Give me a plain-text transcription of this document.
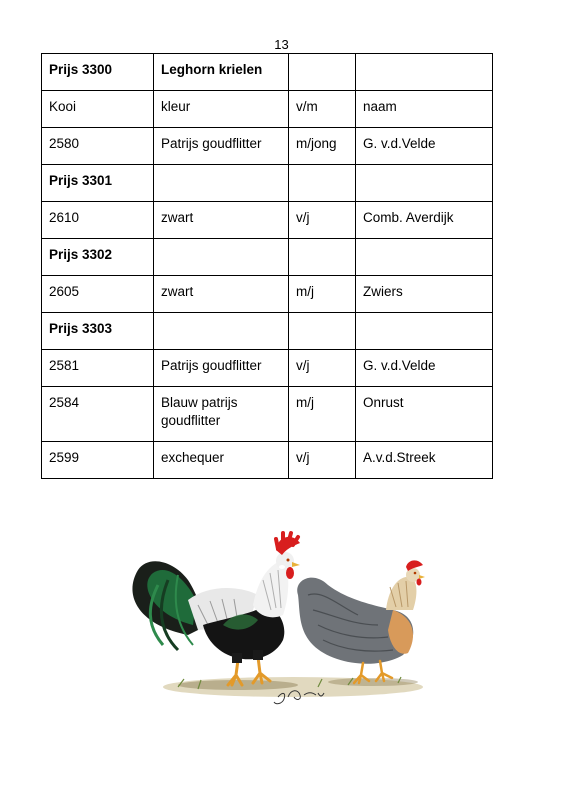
13
Prijs 3300	Leghorn krielen		
Kooi	kleur	v/m	naam
2580	Patrijs goudflitter	m/jong	G. v.d.Velde
Prijs 3301			
2610	zwart	v/j	Comb. Averdijk
Prijs 3302			
2605	zwart	m/j	Zwiers
Prijs 3303			
2581	Patrijs goudflitter	v/j	G. v.d.Velde
2584	Blauw patrijs goudflitter	m/j	Onrust
2599	exchequer	v/j	A.v.d.Streek
